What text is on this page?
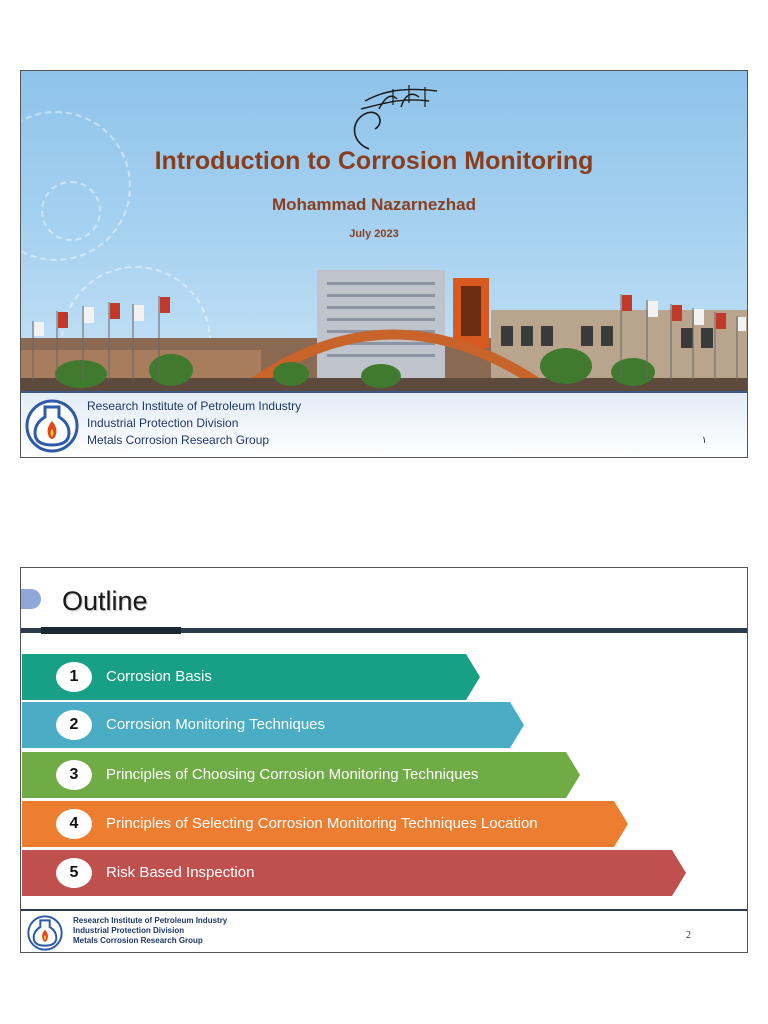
Introduction to Corrosion Monitoring
Mohammad Nazarnezhad
July 2023
Research Institute of Petroleum Industry
Industrial Protection Division
Metals Corrosion Research Group	١
Outline
1	Corrosion Basis
2	Corrosion Monitoring Techniques
3	Principles of Choosing Corrosion Monitoring Techniques
4	Principles of Selecting Corrosion Monitoring Techniques Location
5	Risk Based Inspection
Research Institute of Petroleum Industry
Industrial Protection Division
Metals Corrosion Research Group	2
